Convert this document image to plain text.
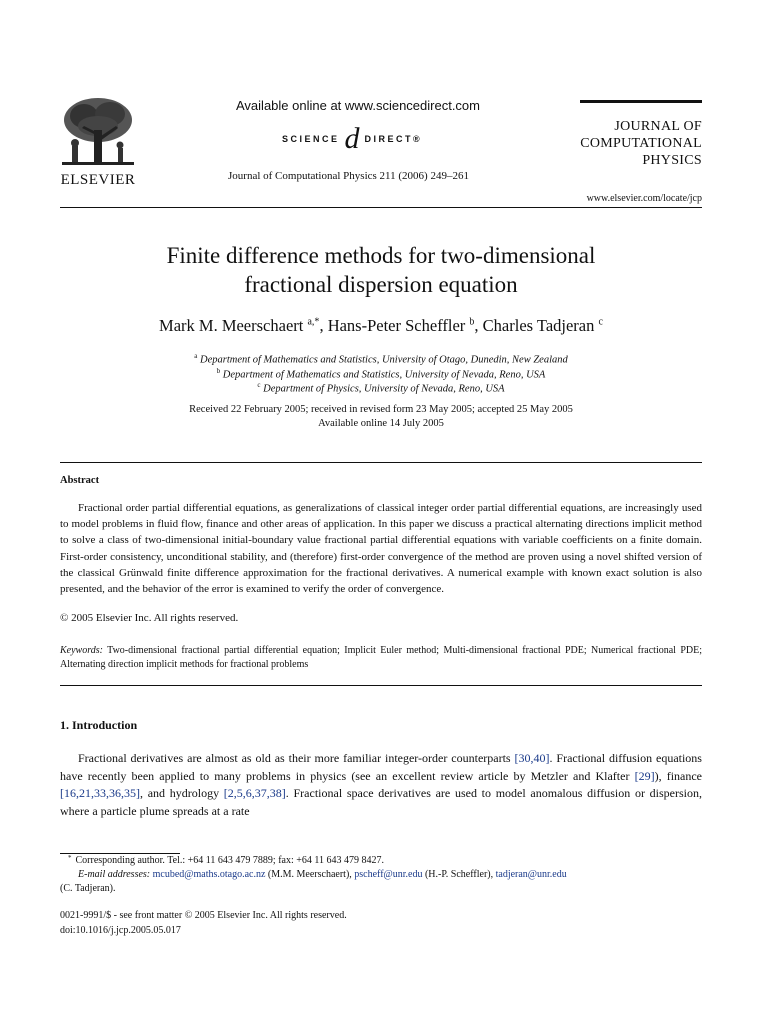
ELSEVIER
Available online at www.sciencedirect.com
SCIENCE d DIRECT®
Journal of Computational Physics 211 (2006) 249–261
JOURNAL OF
COMPUTATIONAL
PHYSICS
www.elsevier.com/locate/jcp
Finite difference methods for two-dimensional
fractional dispersion equation
Mark M. Meerschaert $^{a,*}$, Hans-Peter Scheffler $^b$, Charles Tadjeran $^c$
$^a$ Department of Mathematics and Statistics, University of Otago, Dunedin, New Zealand
$^b$ Department of Mathematics and Statistics, University of Nevada, Reno, USA
$^c$ Department of Physics, University of Nevada, Reno, USA
Received 22 February 2005; received in revised form 23 May 2005; accepted 25 May 2005
Available online 14 July 2005
Abstract
Fractional order partial differential equations, as generalizations of classical integer order partial differential equations, are increasingly used to model problems in fluid flow, finance and other areas of application. In this paper we discuss a practical alternating directions implicit method to solve a class of two-dimensional initial-boundary value fractional partial differential equations with variable coefficients on a finite domain. First-order consistency, unconditional stability, and (therefore) first-order convergence of the method are proven using a novel shifted version of the classical Grünwald finite difference approximation for the fractional derivatives. A numerical example with known exact solution is also presented, and the behavior of the error is examined to verify the order of convergence.
© 2005 Elsevier Inc. All rights reserved.
Keywords: Two-dimensional fractional partial differential equation; Implicit Euler method; Multi-dimensional fractional PDE; Numerical fractional PDE; Alternating direction implicit methods for fractional problems
1. Introduction
Fractional derivatives are almost as old as their more familiar integer-order counterparts [30,40]. Fractional diffusion equations have recently been applied to many problems in physics (see an excellent review article by Metzler and Klafter [29]), finance [16,21,33,36,35], and hydrology [2,5,6,37,38]. Fractional space derivatives are used to model anomalous diffusion or dispersion, where a particle plume spreads at a rate
* Corresponding author. Tel.: +64 11 643 479 7889; fax: +64 11 643 479 8427.
E-mail addresses: mcubed@maths.otago.ac.nz (M.M. Meerschaert), pscheff@unr.edu (H.-P. Scheffler), tadjeran@unr.edu
(C. Tadjeran).
0021-9991/$ - see front matter © 2005 Elsevier Inc. All rights reserved.
doi:10.1016/j.jcp.2005.05.017
